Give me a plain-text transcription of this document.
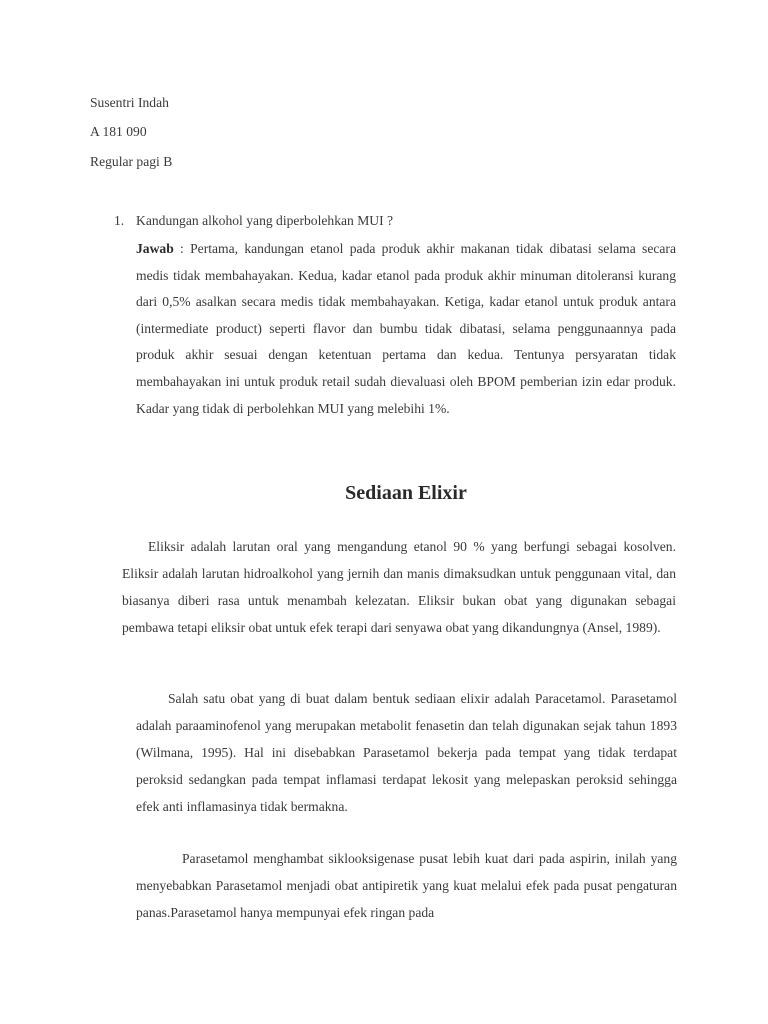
Susentri Indah
A 181 090
Regular pagi B
1. Kandungan alkohol yang diperbolehkan MUI ?

Jawab : Pertama, kandungan etanol pada produk akhir makanan tidak dibatasi selama secara medis tidak membahayakan. Kedua, kadar etanol pada produk akhir minuman ditoleransi kurang dari 0,5% asalkan secara medis tidak membahayakan. Ketiga, kadar etanol untuk produk antara (intermediate product) seperti flavor dan bumbu tidak dibatasi, selama penggunaannya pada produk akhir sesuai dengan ketentuan pertama dan kedua. Tentunya persyaratan tidak membahayakan ini untuk produk retail sudah dievaluasi oleh BPOM pemberian izin edar produk. Kadar yang tidak di perbolehkan MUI yang melebihi 1%.

Sediaan Elixir

Eliksir adalah larutan oral yang mengandung etanol 90 % yang berfungi sebagai kosolven. Eliksir adalah larutan hidroalkohol yang jernih dan manis dimaksudkan untuk penggunaan vital, dan biasanya diberi rasa untuk menambah kelezatan. Eliksir bukan obat yang digunakan sebagai pembawa tetapi eliksir obat untuk efek terapi dari senyawa obat yang dikandungnya (Ansel, 1989).

Salah satu obat yang di buat dalam bentuk sediaan elixir adalah Paracetamol. Parasetamol adalah paraaminofenol yang merupakan metabolit fenasetin dan telah digunakan sejak tahun 1893 (Wilmana, 1995). Hal ini disebabkan Parasetamol bekerja pada tempat yang tidak terdapat peroksid sedangkan pada tempat inflamasi terdapat lekosit yang melepaskan peroksid sehingga efek anti inflamasinya tidak bermakna.

Parasetamol menghambat siklooksigenase pusat lebih kuat dari pada aspirin, inilah yang menyebabkan Parasetamol menjadi obat antipiretik yang kuat melalui efek pada pusat pengaturan panas.Parasetamol hanya mempunyai efek ringan pada
